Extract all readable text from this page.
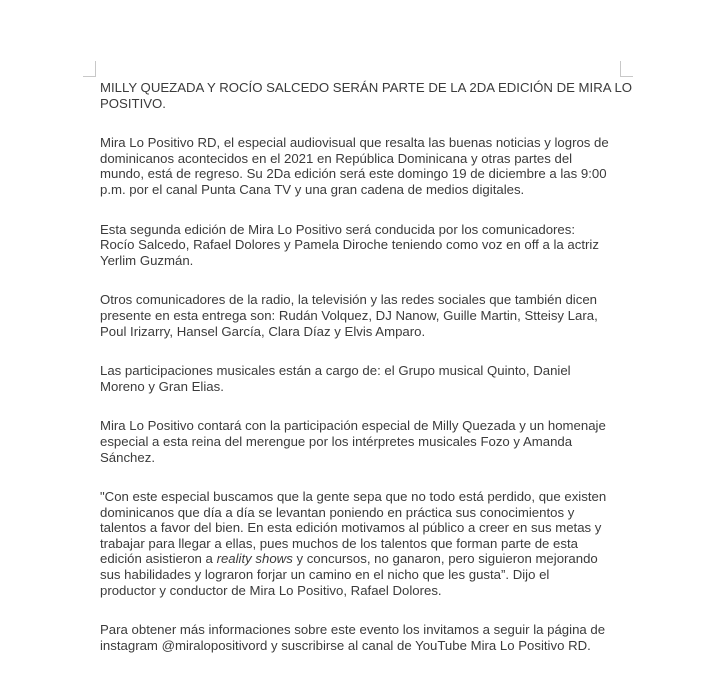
MILLY QUEZADA Y ROCÍO SALCEDO SERÁN PARTE DE LA 2DA EDICIÓN DE MIRA LO
POSITIVO.
Mira Lo Positivo RD, el especial audiovisual que resalta las buenas noticias y logros de
dominicanos acontecidos en el 2021 en República Dominicana y otras partes del
mundo, está de regreso. Su 2Da edición será este domingo 19 de diciembre a las 9:00
p.m. por el canal Punta Cana TV y una gran cadena de medios digitales.
Esta segunda edición de Mira Lo Positivo será conducida por los comunicadores:
Rocío Salcedo, Rafael Dolores y Pamela Diroche teniendo como voz en off a la actriz
Yerlim Guzmán.
Otros comunicadores de la radio, la televisión y las redes sociales que también dicen
presente en esta entrega son: Rudán Volquez, DJ Nanow, Guille Martin, Stteisy Lara,
Poul Irizarry, Hansel García, Clara Díaz y Elvis Amparo.
Las participaciones musicales están a cargo de: el Grupo musical Quinto, Daniel
Moreno y Gran Elias.
Mira Lo Positivo contará con la participación especial de Milly Quezada y un homenaje
especial a esta reina del merengue por los intérpretes musicales Fozo y Amanda
Sánchez.
"Con este especial buscamos que la gente sepa que no todo está perdido, que existen
dominicanos que día a día se levantan poniendo en práctica sus conocimientos y
talentos a favor del bien. En esta edición motivamos al público a creer en sus metas y
trabajar para llegar a ellas, pues muchos de los talentos que forman parte de esta
edición asistieron a reality shows y concursos, no ganaron, pero siguieron mejorando
sus habilidades y lograron forjar un camino en el nicho que les gusta”. Dijo el
productor y conductor de Mira Lo Positivo, Rafael Dolores.
Para obtener más informaciones sobre este evento los invitamos a seguir la página de
instagram @miralopositivord y suscribirse al canal de YouTube Mira Lo Positivo RD.
